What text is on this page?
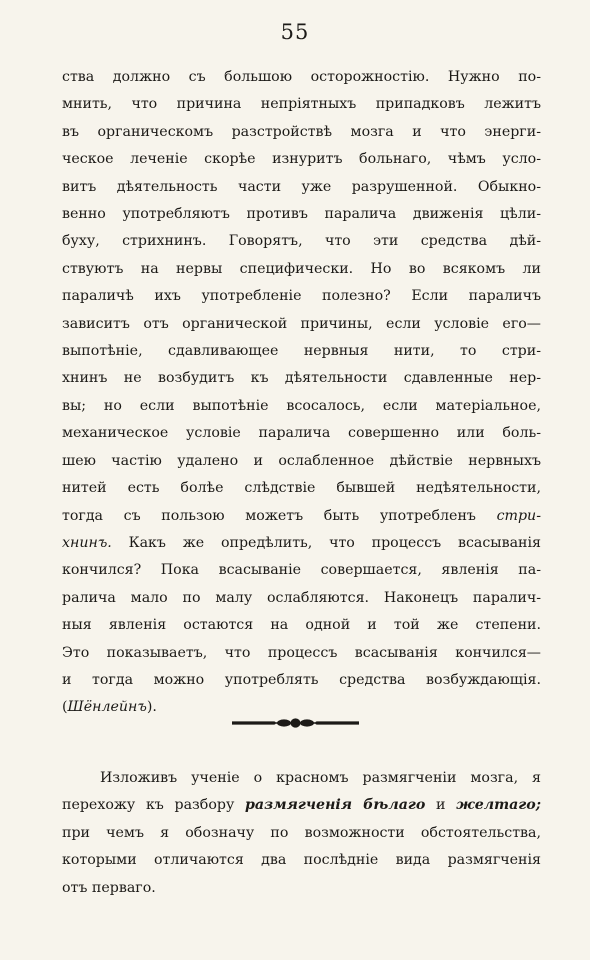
55
ства должно съ большою осторожностію. Нужно по-
мнить, что причина непріятныхъ припадковъ лежитъ
въ органическомъ разстройствѣ мозга и что энерги-
ческое леченіе скорѣе изнуритъ больнаго, чѣмъ усло-
витъ дѣятельность части уже разрушенной. Обыкно-
венно употребляютъ противъ паралича движенія цѣли-
буху, стрихнинъ. Говорятъ, что эти средства дѣй-
ствуютъ на нервы специфически. Но во всякомъ ли
параличѣ ихъ употребленіе полезно? Если параличъ
зависитъ отъ органической причины, если условіе его—
выпотѣніе, сдавливающее нервныя нити, то стри-
хнинъ не возбудитъ къ дѣятельности сдавленные нер-
вы; но если выпотѣніе всосалось, если матеріальное,
механическое условіе паралича совершенно или боль-
шею частію удалено и ослабленное дѣйствіе нервныхъ
нитей есть болѣе слѣдствіе бывшей недѣятельности,
тогда съ пользою можетъ быть употребленъ стри-
хнинъ. Какъ же опредѣлить, что процессъ всасыванія
кончился? Пока всасываніе совершается, явленія па-
ралича мало по малу ослабляются. Наконецъ паралич-
ныя явленія остаются на одной и той же степени.
Это показываетъ, что процессъ всасыванія кончился—
и тогда можно употреблять средства возбуждающія.
(Шёнлейнъ).
Изложивъ ученіе о красномъ размягченіи мозга, я
перехожу къ разбору размягченія бѣлаго и желтаго;
при чемъ я обозначу по возможности обстоятельства,
которыми отличаются два послѣдніе вида размягченія
отъ перваго.
